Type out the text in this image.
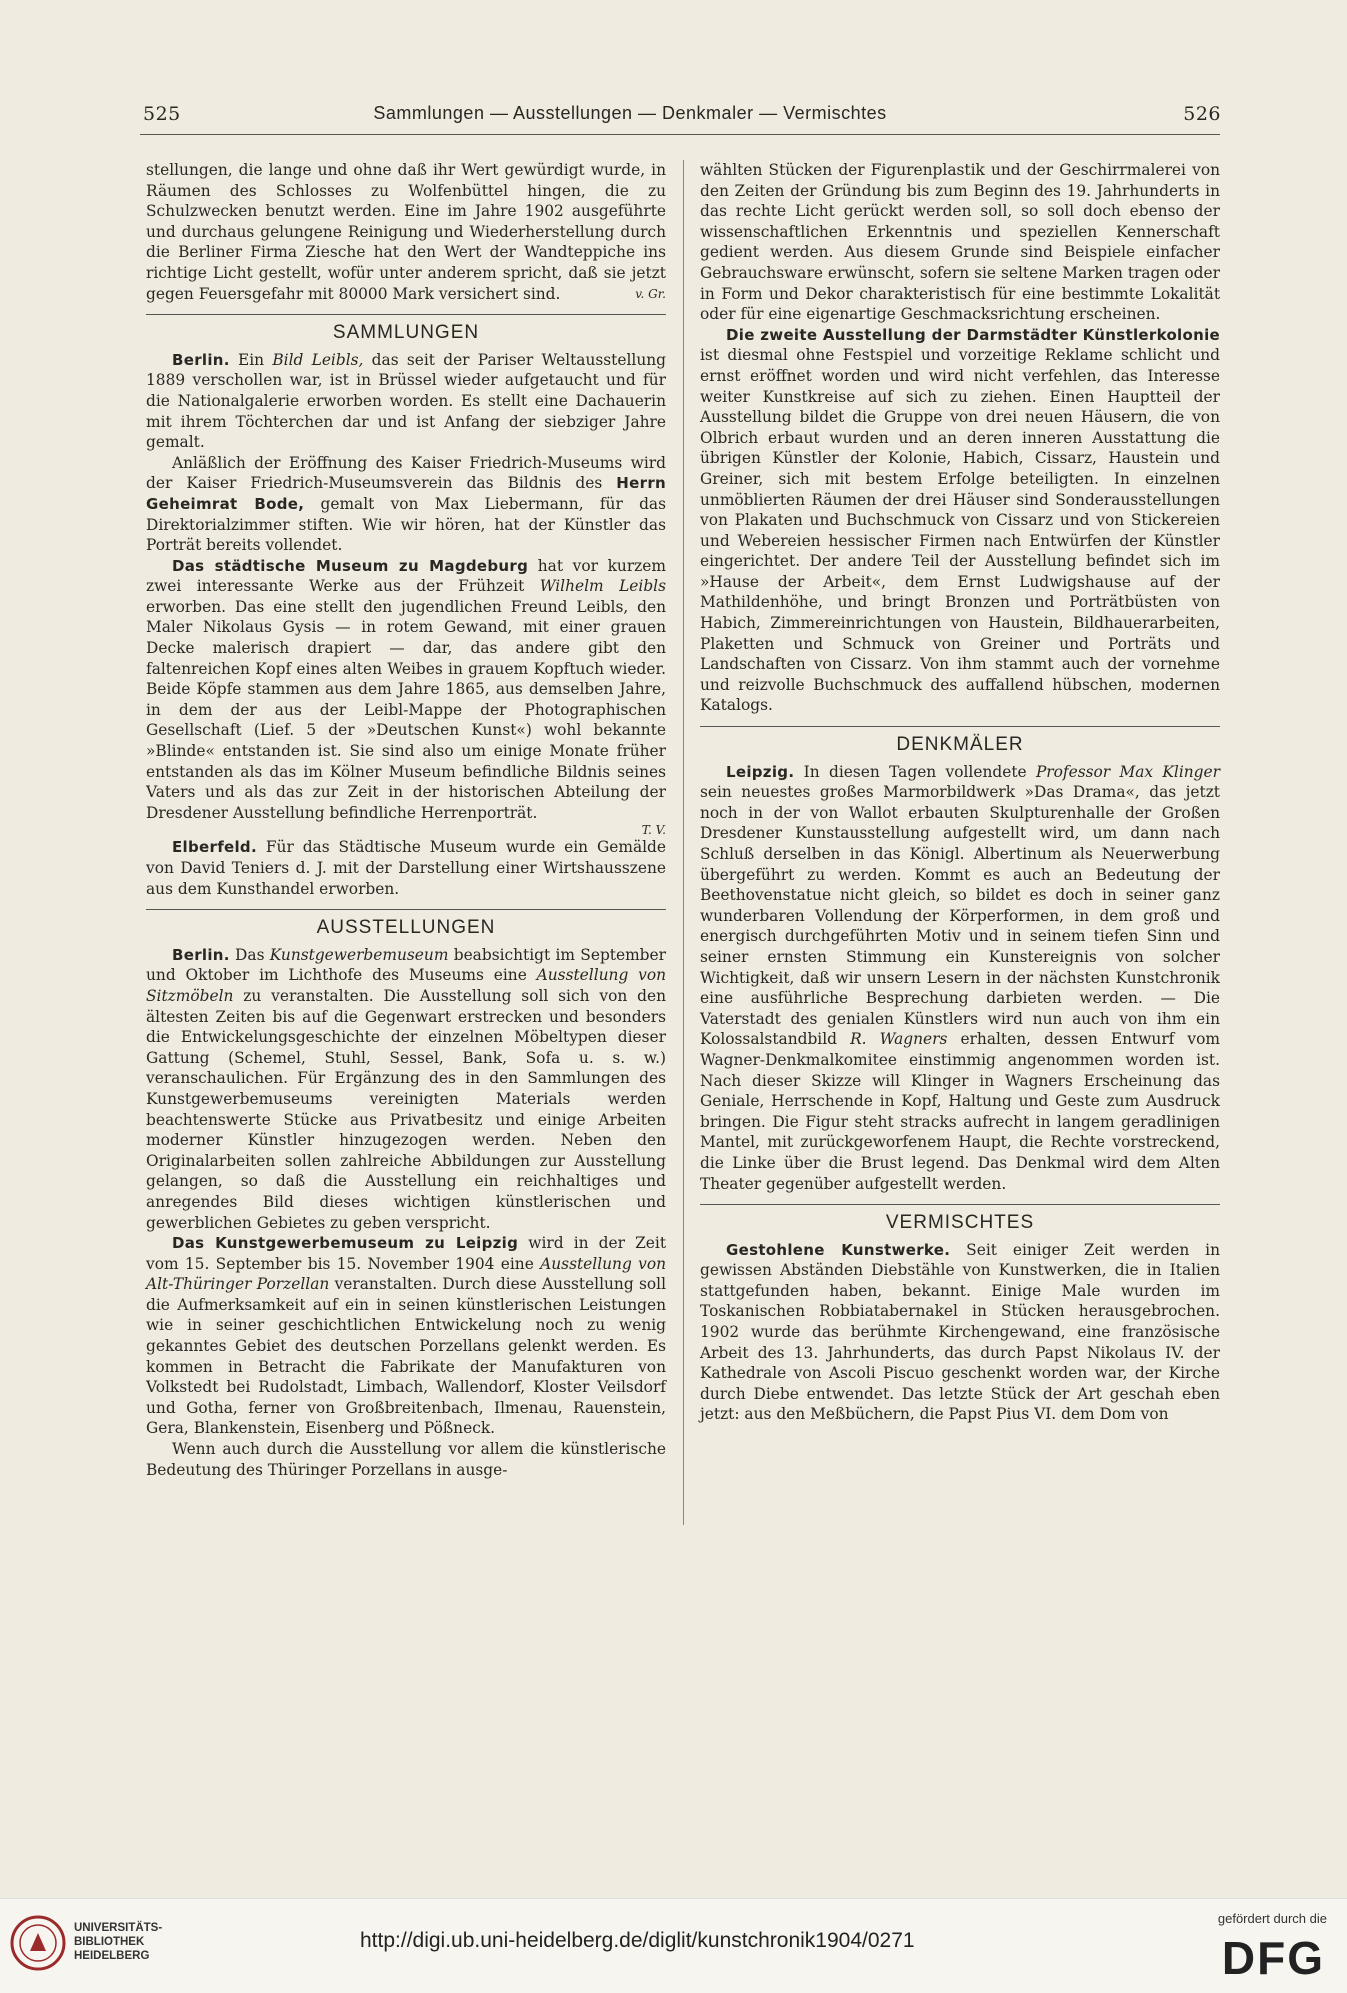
525	Sammlungen — Ausstellungen — Denkmaler — Vermischtes	526

stellungen, die lange und ohne daß ihr Wert gewürdigt wurde, in Räumen des Schlosses zu Wolfenbüttel hingen, die zu Schulzwecken benutzt werden. Eine im Jahre 1902 ausgeführte und durchaus gelungene Reinigung und Wiederherstellung durch die Berliner Firma Ziesche hat den Wert der Wandteppiche ins richtige Licht gestellt, wofür unter anderem spricht, daß sie jetzt gegen Feuersgefahr mit 80000 Mark versichert sind.	v. Gr.

SAMMLUNGEN

Berlin. Ein Bild Leibls, das seit der Pariser Weltausstellung 1889 verschollen war, ist in Brüssel wieder aufgetaucht und für die Nationalgalerie erworben worden. Es stellt eine Dachauerin mit ihrem Töchterchen dar und ist Anfang der siebziger Jahre gemalt.

Anläßlich der Eröffnung des Kaiser Friedrich-Museums wird der Kaiser Friedrich-Museumsverein das Bildnis des Herrn Geheimrat Bode, gemalt von Max Liebermann, für das Direktorialzimmer stiften. Wie wir hören, hat der Künstler das Porträt bereits vollendet.

Das städtische Museum zu Magdeburg hat vor kurzem zwei interessante Werke aus der Frühzeit Wilhelm Leibls erworben. Das eine stellt den jugendlichen Freund Leibls, den Maler Nikolaus Gysis — in rotem Gewand, mit einer grauen Decke malerisch drapiert — dar, das andere gibt den faltenreichen Kopf eines alten Weibes in grauem Kopftuch wieder. Beide Köpfe stammen aus dem Jahre 1865, aus demselben Jahre, in dem der aus der Leibl-Mappe der Photographischen Gesellschaft (Lief. 5 der »Deutschen Kunst«) wohl bekannte »Blinde« entstanden ist. Sie sind also um einige Monate früher entstanden als das im Kölner Museum befindliche Bildnis seines Vaters und als das zur Zeit in der historischen Abteilung der Dresdener Ausstellung befindliche Herrenporträt.

T. V.

Elberfeld. Für das Städtische Museum wurde ein Gemälde von David Teniers d. J. mit der Darstellung einer Wirtshausszene aus dem Kunsthandel erworben.

AUSSTELLUNGEN

Berlin. Das Kunstgewerbemuseum beabsichtigt im September und Oktober im Lichthofe des Museums eine Ausstellung von Sitzmöbeln zu veranstalten. Die Ausstellung soll sich von den ältesten Zeiten bis auf die Gegenwart erstrecken und besonders die Entwickelungsgeschichte der einzelnen Möbeltypen dieser Gattung (Schemel, Stuhl, Sessel, Bank, Sofa u. s. w.) veranschaulichen. Für Ergänzung des in den Sammlungen des Kunstgewerbemuseums vereinigten Materials werden beachtenswerte Stücke aus Privatbesitz und einige Arbeiten moderner Künstler hinzugezogen werden. Neben den Originalarbeiten sollen zahlreiche Abbildungen zur Ausstellung gelangen, so daß die Ausstellung ein reichhaltiges und anregendes Bild dieses wichtigen künstlerischen und gewerblichen Gebietes zu geben verspricht.

Das Kunstgewerbemuseum zu Leipzig wird in der Zeit vom 15. September bis 15. November 1904 eine Ausstellung von Alt-Thüringer Porzellan veranstalten. Durch diese Ausstellung soll die Aufmerksamkeit auf ein in seinen künstlerischen Leistungen wie in seiner geschichtlichen Entwickelung noch zu wenig gekanntes Gebiet des deutschen Porzellans gelenkt werden. Es kommen in Betracht die Fabrikate der Manufakturen von Volkstedt bei Rudolstadt, Limbach, Wallendorf, Kloster Veilsdorf und Gotha, ferner von Großbreitenbach, Ilmenau, Rauenstein, Gera, Blankenstein, Eisenberg und Pößneck.

Wenn auch durch die Ausstellung vor allem die künstlerische Bedeutung des Thüringer Porzellans in ausge-

wählten Stücken der Figurenplastik und der Geschirrmalerei von den Zeiten der Gründung bis zum Beginn des 19. Jahrhunderts in das rechte Licht gerückt werden soll, so soll doch ebenso der wissenschaftlichen Erkenntnis und speziellen Kennerschaft gedient werden. Aus diesem Grunde sind Beispiele einfacher Gebrauchsware erwünscht, sofern sie seltene Marken tragen oder in Form und Dekor charakteristisch für eine bestimmte Lokalität oder für eine eigenartige Geschmacksrichtung erscheinen.

Die zweite Ausstellung der Darmstädter Künstlerkolonie ist diesmal ohne Festspiel und vorzeitige Reklame schlicht und ernst eröffnet worden und wird nicht verfehlen, das Interesse weiter Kunstkreise auf sich zu ziehen. Einen Hauptteil der Ausstellung bildet die Gruppe von drei neuen Häusern, die von Olbrich erbaut wurden und an deren inneren Ausstattung die übrigen Künstler der Kolonie, Habich, Cissarz, Haustein und Greiner, sich mit bestem Erfolge beteiligten. In einzelnen unmöblierten Räumen der drei Häuser sind Sonderausstellungen von Plakaten und Buchschmuck von Cissarz und von Stickereien und Webereien hessischer Firmen nach Entwürfen der Künstler eingerichtet. Der andere Teil der Ausstellung befindet sich im »Hause der Arbeit«, dem Ernst Ludwigshause auf der Mathildenhöhe, und bringt Bronzen und Porträtbüsten von Habich, Zimmereinrichtungen von Haustein, Bildhauerarbeiten, Plaketten und Schmuck von Greiner und Porträts und Landschaften von Cissarz. Von ihm stammt auch der vornehme und reizvolle Buchschmuck des auffallend hübschen, modernen Katalogs.

DENKMÄLER

Leipzig. In diesen Tagen vollendete Professor Max Klinger sein neuestes großes Marmorbildwerk »Das Drama«, das jetzt noch in der von Wallot erbauten Skulpturenhalle der Großen Dresdener Kunstausstellung aufgestellt wird, um dann nach Schluß derselben in das Königl. Albertinum als Neuerwerbung übergeführt zu werden. Kommt es auch an Bedeutung der Beethovenstatue nicht gleich, so bildet es doch in seiner ganz wunderbaren Vollendung der Körperformen, in dem groß und energisch durchgeführten Motiv und in seinem tiefen Sinn und seiner ernsten Stimmung ein Kunstereignis von solcher Wichtigkeit, daß wir unsern Lesern in der nächsten Kunstchronik eine ausführliche Besprechung darbieten werden. — Die Vaterstadt des genialen Künstlers wird nun auch von ihm ein Kolossalstandbild R. Wagners erhalten, dessen Entwurf vom Wagner-Denkmalkomitee einstimmig angenommen worden ist. Nach dieser Skizze will Klinger in Wagners Erscheinung das Geniale, Herrschende in Kopf, Haltung und Geste zum Ausdruck bringen. Die Figur steht stracks aufrecht in langem geradlinigen Mantel, mit zurückgeworfenem Haupt, die Rechte vorstreckend, die Linke über die Brust legend. Das Denkmal wird dem Alten Theater gegenüber aufgestellt werden.

VERMISCHTES

Gestohlene Kunstwerke. Seit einiger Zeit werden in gewissen Abständen Diebstähle von Kunstwerken, die in Italien stattgefunden haben, bekannt. Einige Male wurden im Toskanischen Robbiatabernakel in Stücken herausgebrochen. 1902 wurde das berühmte Kirchengewand, eine französische Arbeit des 13. Jahrhunderts, das durch Papst Nikolaus IV. der Kathedrale von Ascoli Piscuo geschenkt worden war, der Kirche durch Diebe entwendet. Das letzte Stück der Art geschah eben jetzt: aus den Meßbüchern, die Papst Pius VI. dem Dom von

UNIVERSITÄTS-
BIBLIOTHEK
HEIDELBERG
http://digi.ub.uni-heidelberg.de/diglit/kunstchronik1904/0271
gefördert durch die
DFG
